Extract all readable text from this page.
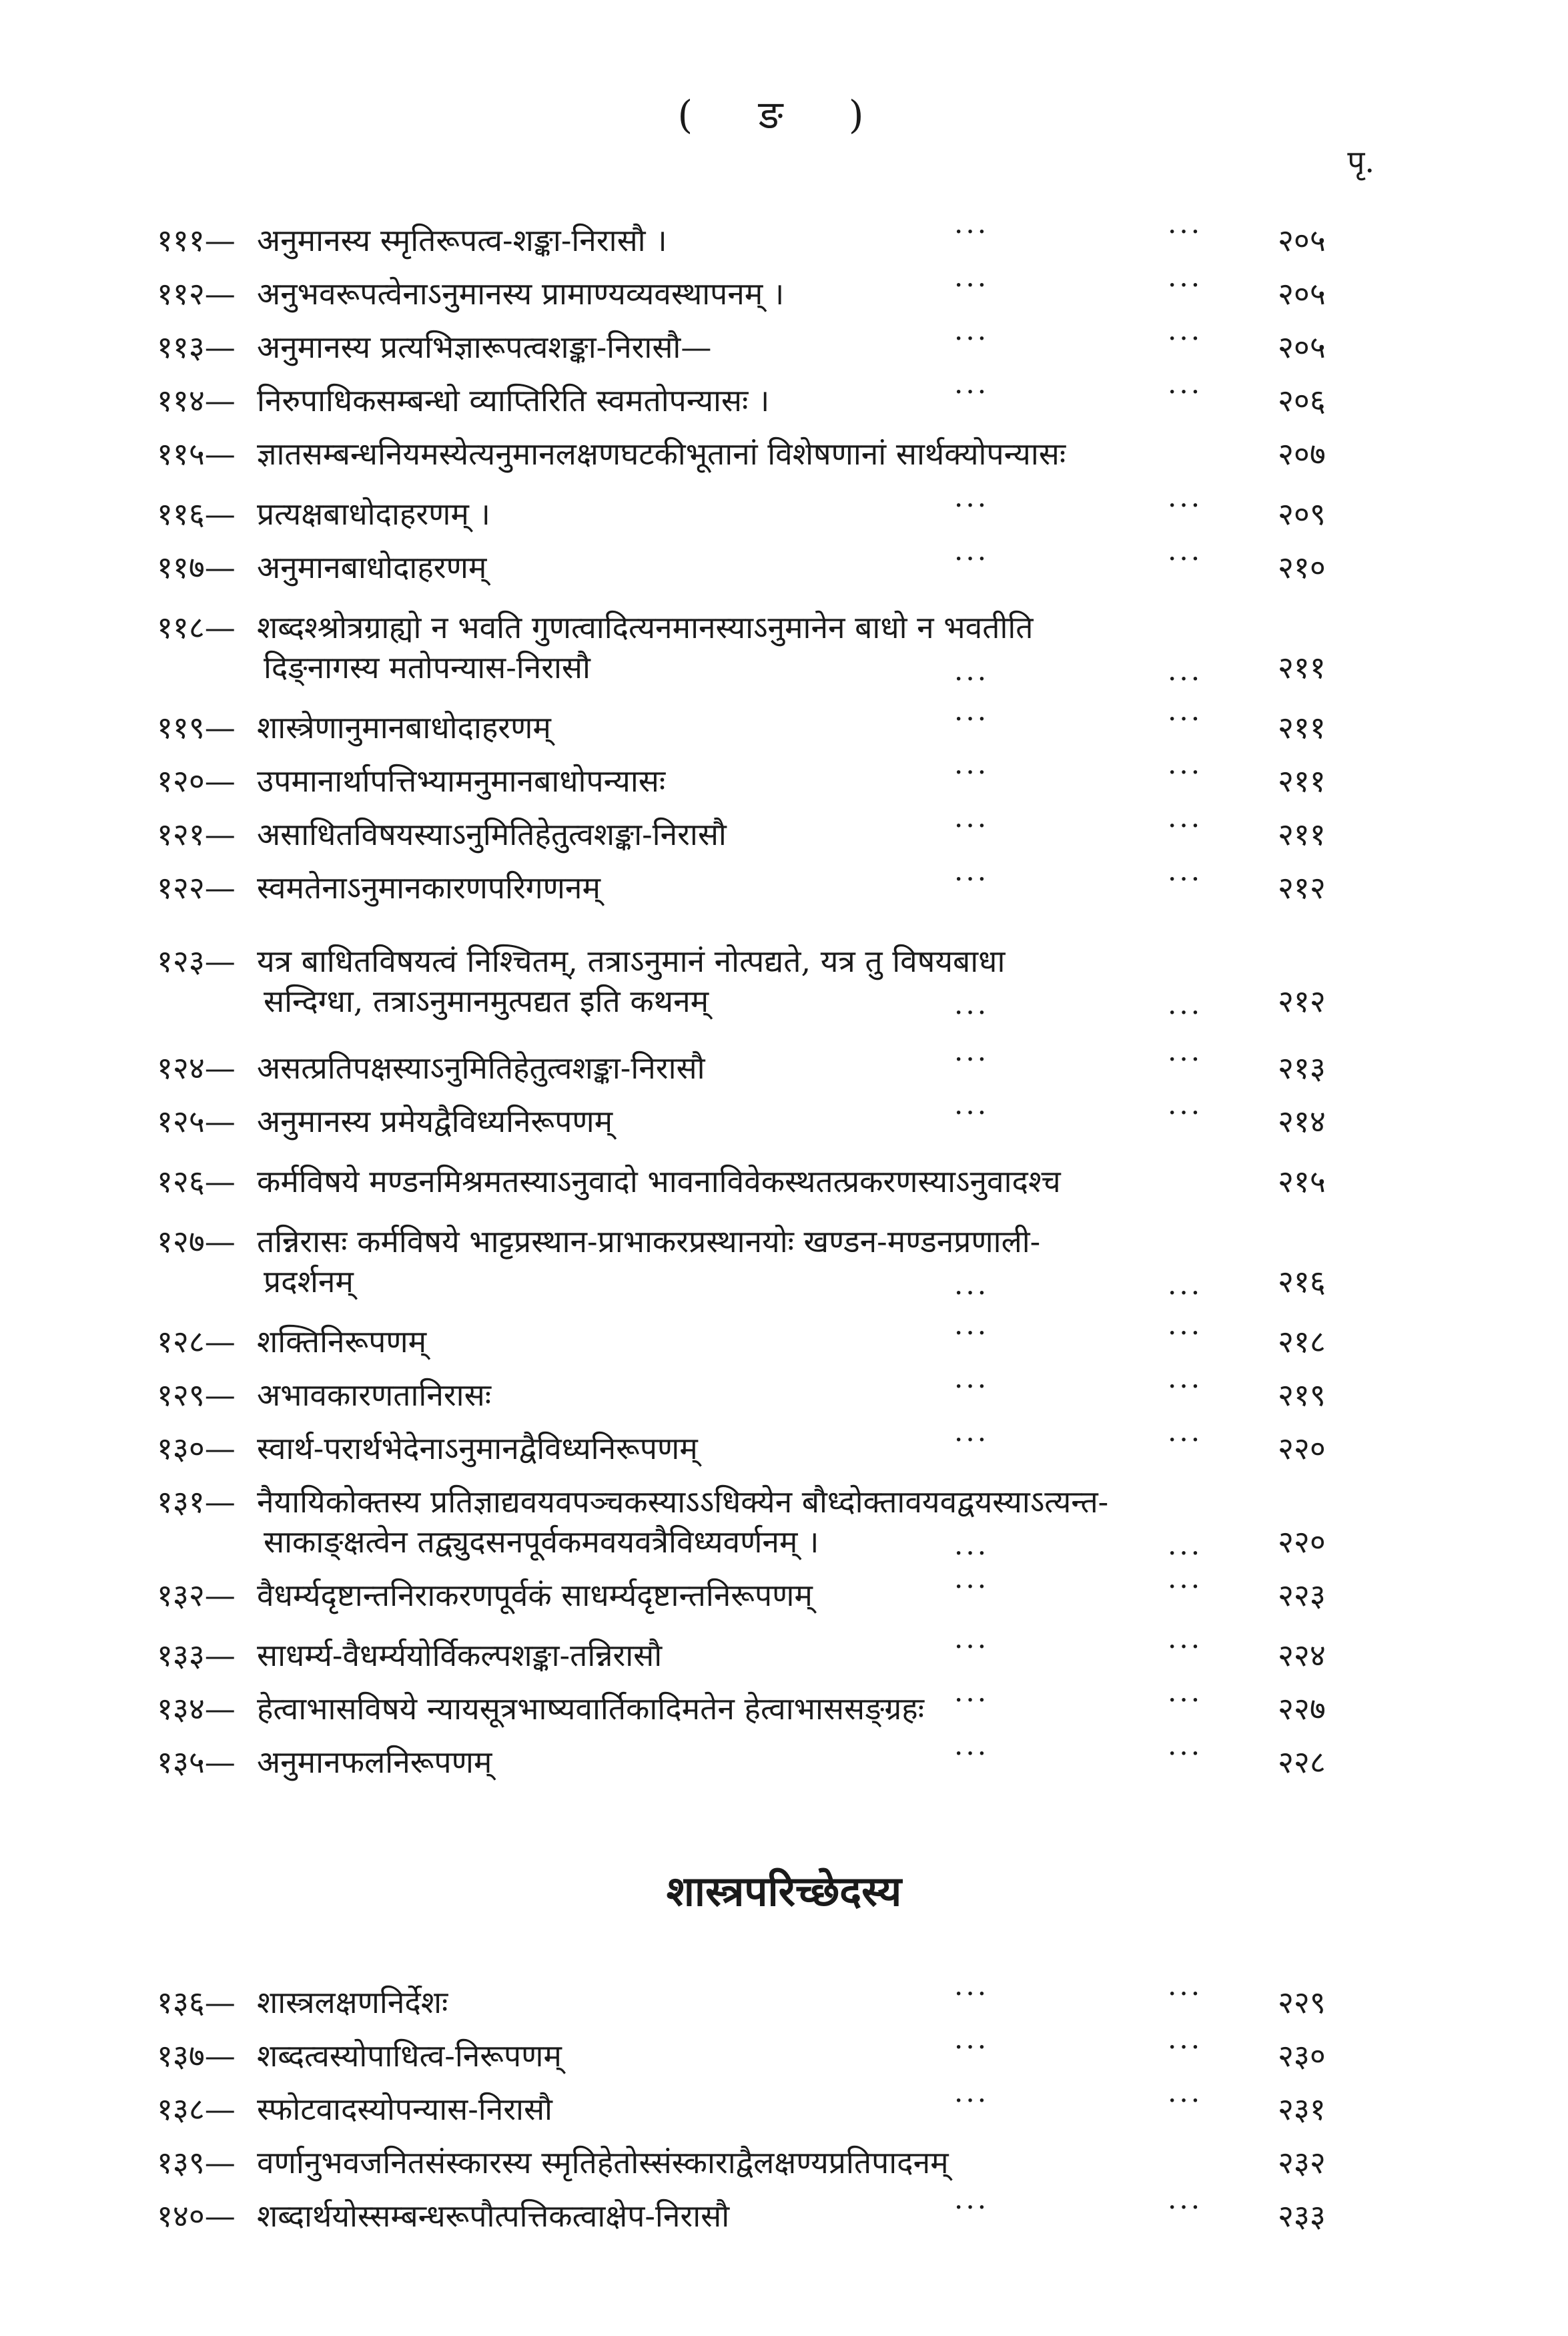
( ङ )
पृ.
१११— अनुमानस्य स्मृतिरूपत्व-शङ्का-निरासौ ।	२०५
...	...
११२— अनुभवरूपत्वेनाऽनुमानस्य प्रामाण्यव्यवस्थापनम् ।	२०५
...	...
११३— अनुमानस्य प्रत्यभिज्ञारूपत्वशङ्का-निरासौ—	२०५
...	...
११४— निरुपाधिकसम्बन्धो व्याप्तिरिति स्वमतोपन्यासः ।	२०६
...	...
११५— ज्ञातसम्बन्धनियमस्येत्यनुमानलक्षणघटकीभूतानां विशेषणानां सार्थक्योपन्यासः	२०७
११६— प्रत्यक्षबाधोदाहरणम् ।	२०९
...	...
११७— अनुमानबाधोदाहरणम्	२१०
...	...
११८— शब्दश्श्रोत्रग्राह्यो न भवति गुणत्वादित्यनमानस्याऽनुमानेन बाधो न भवतीति
दिङ्नागस्य मतोपन्यास-निरासौ	२११
...	...
११९— शास्त्रेणानुमानबाधोदाहरणम्	२११
...	...
१२०— उपमानार्थापत्तिभ्यामनुमानबाधोपन्यासः	२११
...	...
१२१— असाधितविषयस्याऽनुमितिहेतुत्वशङ्का-निरासौ	२११
...	...
१२२— स्वमतेनाऽनुमानकारणपरिगणनम्	२१२
...	...
१२३— यत्र बाधितविषयत्वं निश्चितम्, तत्राऽनुमानं नोत्पद्यते, यत्र तु विषयबाधा
सन्दिग्धा, तत्राऽनुमानमुत्पद्यत इति कथनम्	२१२
...	...
१२४— असत्प्रतिपक्षस्याऽनुमितिहेतुत्वशङ्का-निरासौ	२१३
...	...
१२५— अनुमानस्य प्रमेयद्वैविध्यनिरूपणम्	२१४
...	...
१२६— कर्मविषये मण्डनमिश्रमतस्याऽनुवादो भावनाविवेकस्थतत्प्रकरणस्याऽनुवादश्च	२१५
१२७— तन्निरासः कर्मविषये भाट्टप्रस्थान-प्राभाकरप्रस्थानयोः खण्डन-मण्डनप्रणाली-
प्रदर्शनम्	२१६
...	...
१२८— शक्तिनिरूपणम्	२१८
...	...
१२९— अभावकारणतानिरासः	२१९
...	...
१३०— स्वार्थ-परार्थभेदेनाऽनुमानद्वैविध्यनिरूपणम्	२२०
...	...
१३१— नैयायिकोक्तस्य प्रतिज्ञाद्यवयवपञ्चकस्याऽऽधिक्येन बौध्दोक्तावयवद्वयस्याऽत्यन्त-
साकाङ्क्षत्वेन तद्व्युदसनपूर्वकमवयवत्रैविध्यवर्णनम् ।	२२०
...	...
१३२— वैधर्म्यदृष्टान्तनिराकरणपूर्वकं साधर्म्यदृष्टान्तनिरूपणम्	२२३
...	...
१३३— साधर्म्य-वैधर्म्ययोर्विकल्पशङ्का-तन्निरासौ	२२४
...	...
१३४— हेत्वाभासविषये न्यायसूत्रभाष्यवार्तिकादिमतेन हेत्वाभाससङ्ग्रहः	२२७
...	...
१३५— अनुमानफलनिरूपणम्	२२८
...	...
१३६— शास्त्रलक्षणनिर्देशः	२२९
...	...
१३७— शब्दत्वस्योपाधित्व-निरूपणम्	२३०
...	...
१३८— स्फोटवादस्योपन्यास-निरासौ	२३१
...	...
१३९— वर्णानुभवजनितसंस्कारस्य स्मृतिहेतोस्संस्काराद्वैलक्षण्यप्रतिपादनम्	२३२
१४०— शब्दार्थयोस्सम्बन्धरूपौत्पत्तिकत्वाक्षेप-निरासौ	२३३
...	...
शास्त्रपरिच्छेदस्य
